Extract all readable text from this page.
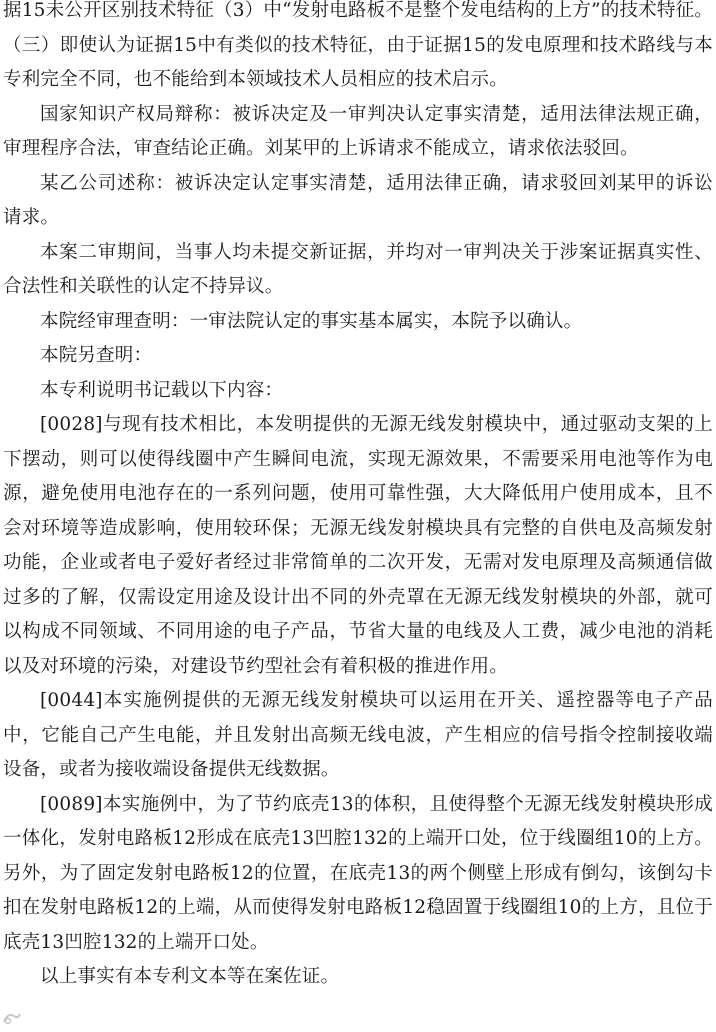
据15未公开区别技术特征（3）中“发射电路板不是整个发电结构的上方”的技术特征。（三）即使认为证据15中有类似的技术特征，由于证据15的发电原理和技术路线与本专利完全不同，也不能给到本领域技术人员相应的技术启示。

国家知识产权局辩称：被诉决定及一审判决认定事实清楚，适用法律法规正确，审理程序合法，审查结论正确。刘某甲的上诉请求不能成立，请求依法驳回。

某乙公司述称：被诉决定认定事实清楚，适用法律正确，请求驳回刘某甲的诉讼请求。

本案二审期间，当事人均未提交新证据，并均对一审判决关于涉案证据真实性、合法性和关联性的认定不持异议。

本院经审理查明：一审法院认定的事实基本属实，本院予以确认。

本院另查明：

本专利说明书记载以下内容：

[0028]与现有技术相比，本发明提供的无源无线发射模块中，通过驱动支架的上下摆动，则可以使得线圈中产生瞬间电流，实现无源效果，不需要采用电池等作为电源，避免使用电池存在的一系列问题，使用可靠性强，大大降低用户使用成本，且不会对环境等造成影响，使用较环保；无源无线发射模块具有完整的自供电及高频发射功能，企业或者电子爱好者经过非常简单的二次开发，无需对发电原理及高频通信做过多的了解，仅需设定用途及设计出不同的外壳罩在无源无线发射模块的外部，就可以构成不同领域、不同用途的电子产品，节省大量的电线及人工费，减少电池的消耗以及对环境的污染，对建设节约型社会有着积极的推进作用。

[0044]本实施例提供的无源无线发射模块可以运用在开关、遥控器等电子产品中，它能自己产生电能，并且发射出高频无线电波，产生相应的信号指令控制接收端设备，或者为接收端设备提供无线数据。

[0089]本实施例中，为了节约底壳13的体积，且使得整个无源无线发射模块形成一体化，发射电路板12形成在底壳13凹腔132的上端开口处，位于线圈组10的上方。另外，为了固定发射电路板12的位置，在底壳13的两个侧壁上形成有倒勾，该倒勾卡扣在发射电路板12的上端，从而使得发射电路板12稳固置于线圈组10的上方，且位于底壳13凹腔132的上端开口处。

以上事实有本专利文本等在案佐证。
